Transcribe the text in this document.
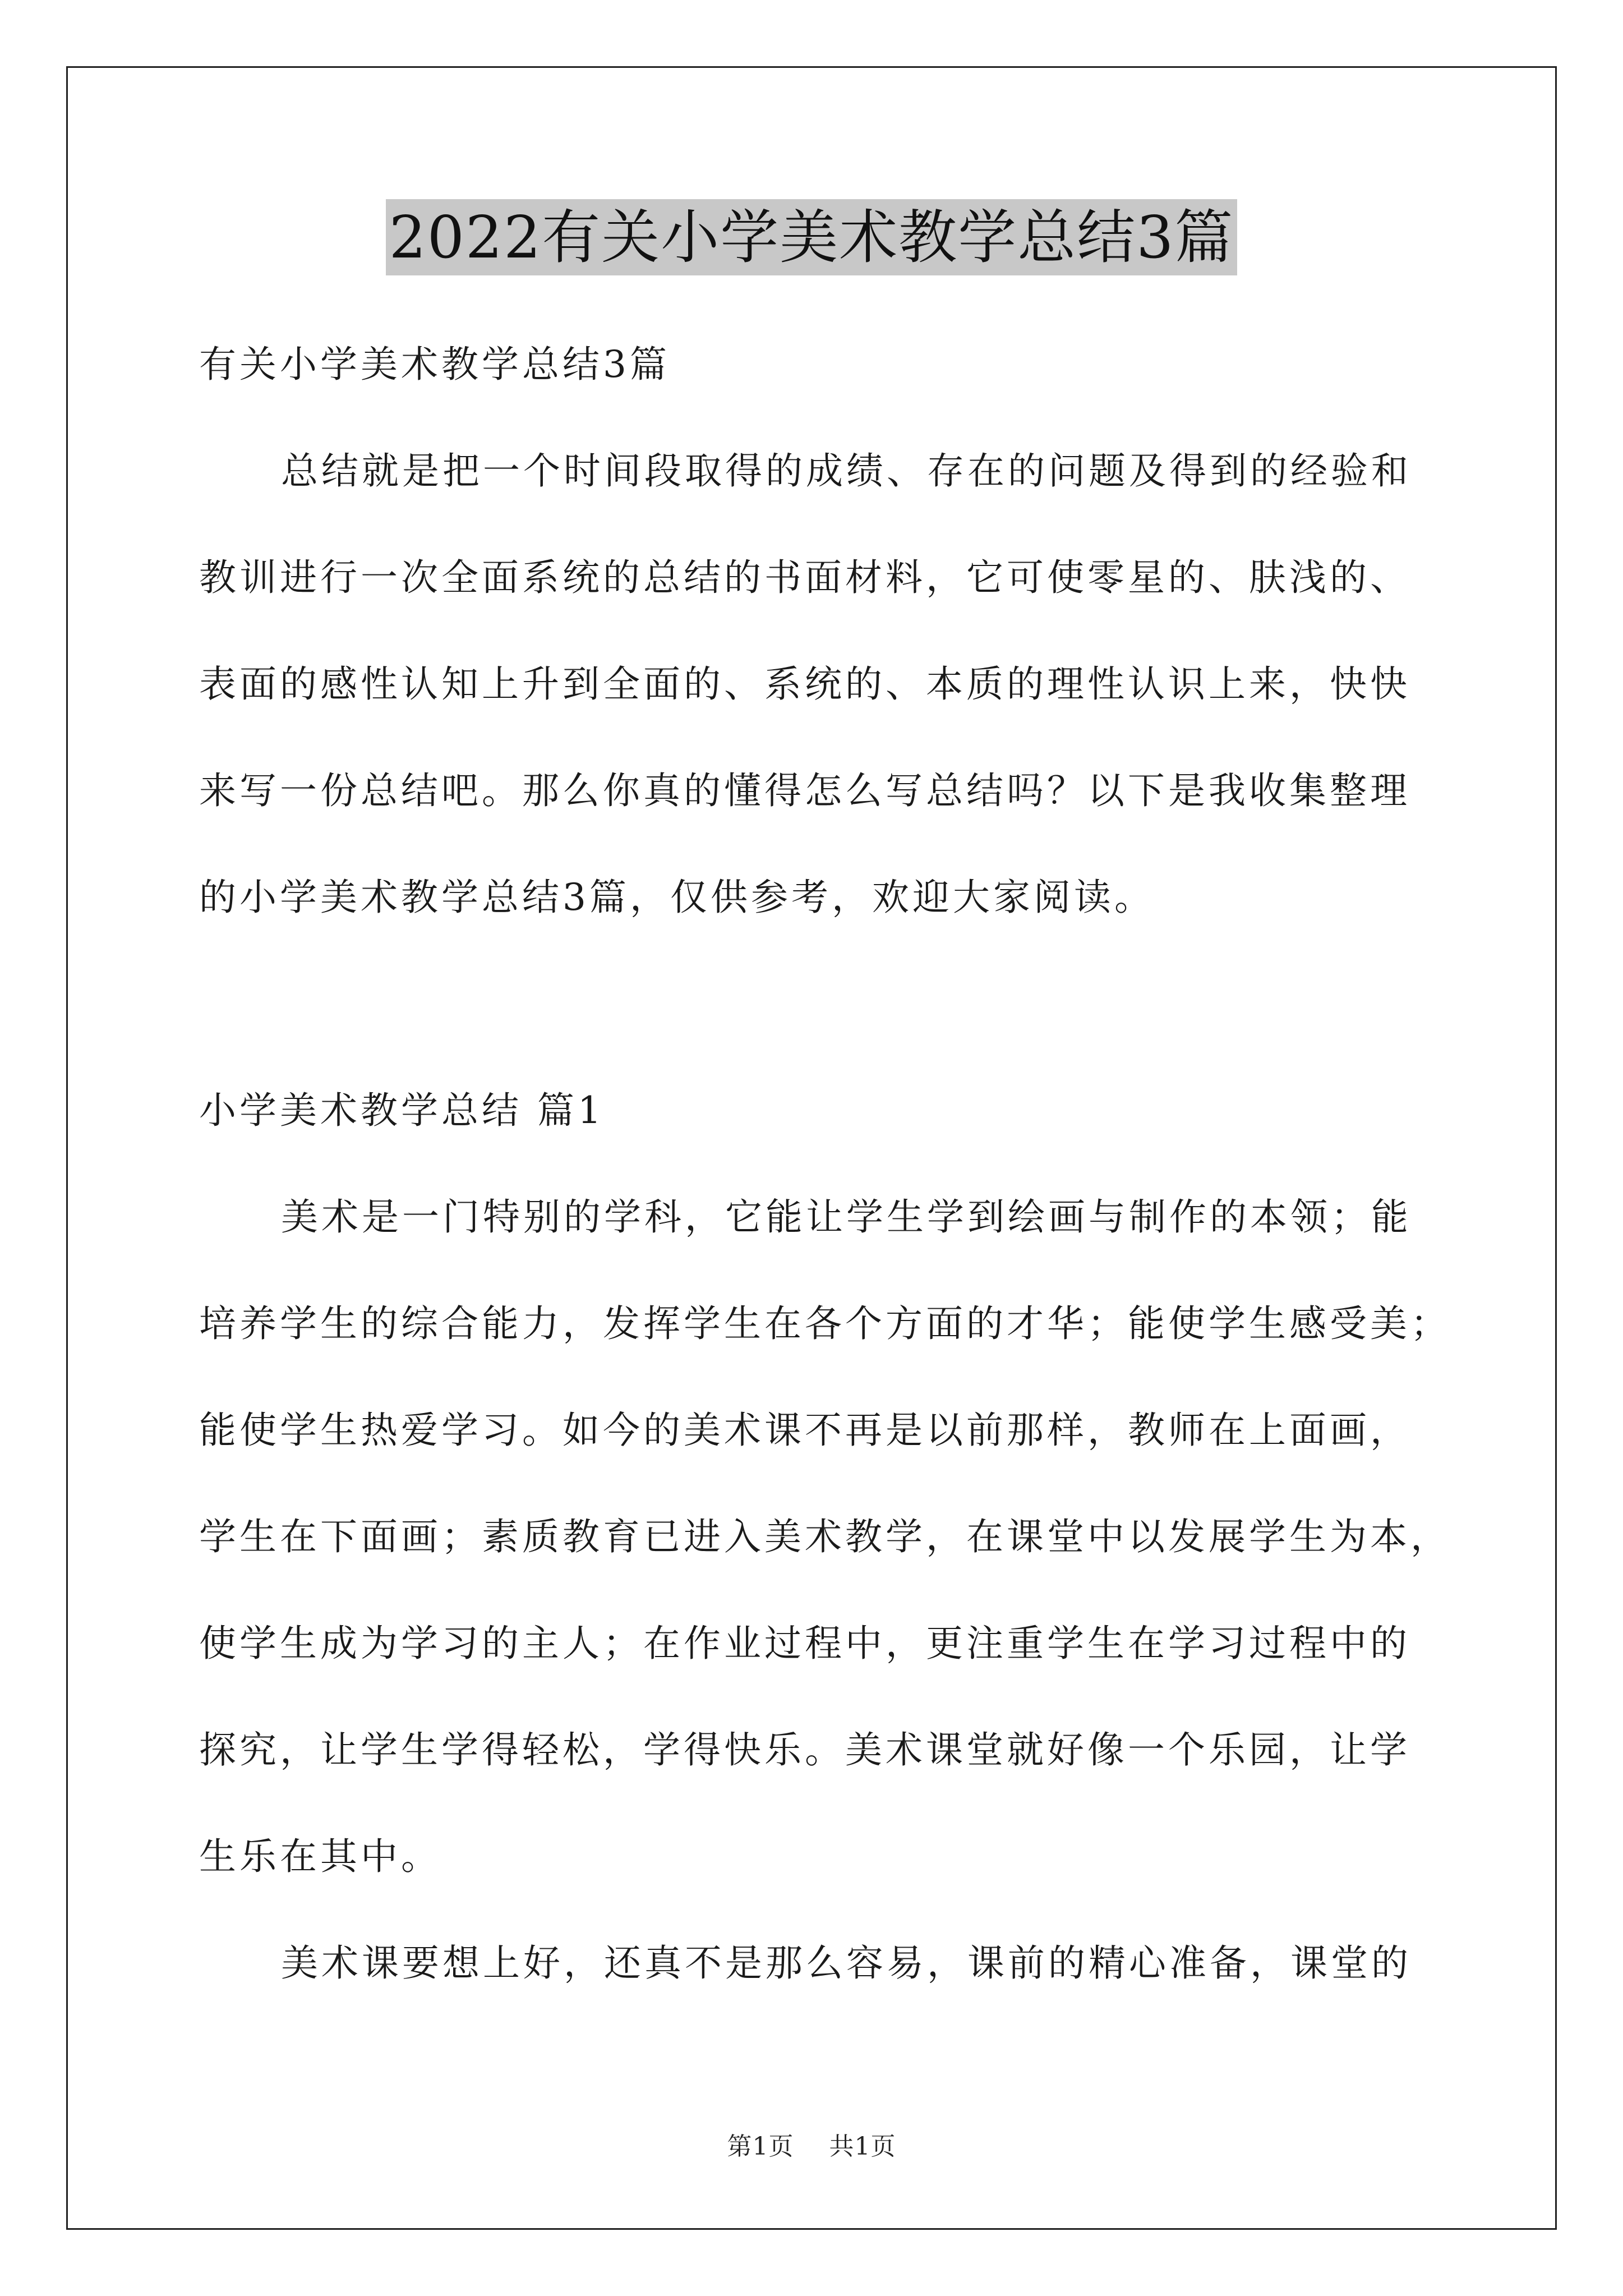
2022有关小学美术教学总结3篇
有关小学美术教学总结3篇
总结就是把一个时间段取得的成绩、存在的问题及得到的经验和
教训进行一次全面系统的总结的书面材料，它可使零星的、肤浅的、
表面的感性认知上升到全面的、系统的、本质的理性认识上来，快快
来写一份总结吧。那么你真的懂得怎么写总结吗？以下是我收集整理
的小学美术教学总结3篇，仅供参考，欢迎大家阅读。
小学美术教学总结 篇1
美术是一门特别的学科，它能让学生学到绘画与制作的本领；能
培养学生的综合能力，发挥学生在各个方面的才华；能使学生感受美；
能使学生热爱学习。如今的美术课不再是以前那样，教师在上面画，
学生在下面画；素质教育已进入美术教学，在课堂中以发展学生为本，
使学生成为学习的主人；在作业过程中，更注重学生在学习过程中的
探究，让学生学得轻松，学得快乐。美术课堂就好像一个乐园，让学
生乐在其中。
美术课要想上好，还真不是那么容易，课前的精心准备，课堂的
第1页 共1页
